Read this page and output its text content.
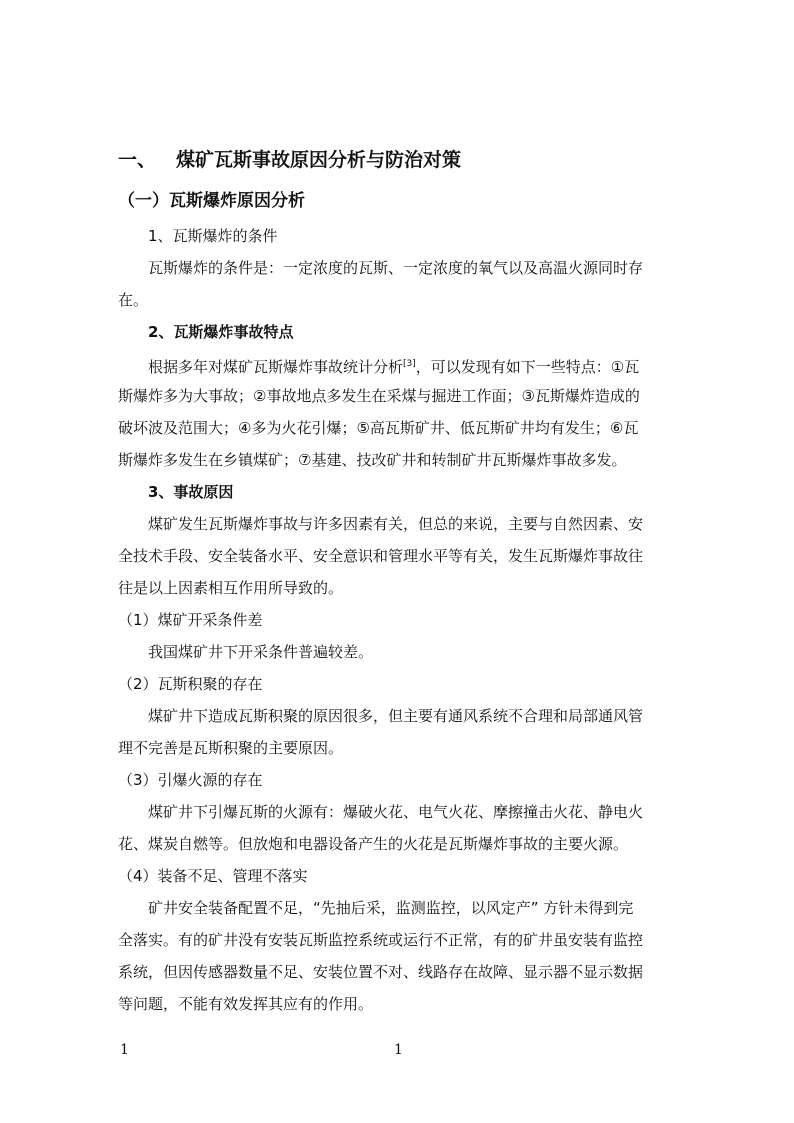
一、 煤矿瓦斯事故原因分析与防治对策
（一）瓦斯爆炸原因分析
1、瓦斯爆炸的条件
瓦斯爆炸的条件是：一定浓度的瓦斯、一定浓度的氧气以及高温火源同时存
在。
2、瓦斯爆炸事故特点
根据多年对煤矿瓦斯爆炸事故统计分析[3]，可以发现有如下一些特点：①瓦
斯爆炸多为大事故；②事故地点多发生在采煤与掘进工作面；③瓦斯爆炸造成的
破坏波及范围大；④多为火花引爆；⑤高瓦斯矿井、低瓦斯矿井均有发生；⑥瓦
斯爆炸多发生在乡镇煤矿；⑦基建、技改矿井和转制矿井瓦斯爆炸事故多发。
3、事故原因
煤矿发生瓦斯爆炸事故与许多因素有关，但总的来说，主要与自然因素、安
全技术手段、安全装备水平、安全意识和管理水平等有关，发生瓦斯爆炸事故往
往是以上因素相互作用所导致的。
（1）煤矿开采条件差
我国煤矿井下开采条件普遍较差。
（2）瓦斯积聚的存在
煤矿井下造成瓦斯积聚的原因很多，但主要有通风系统不合理和局部通风管
理不完善是瓦斯积聚的主要原因。
（3）引爆火源的存在
煤矿井下引爆瓦斯的火源有：爆破火花、电气火花、摩擦撞击火花、静电火
花、煤炭自燃等。但放炮和电器设备产生的火花是瓦斯爆炸事故的主要火源。
（4）装备不足、管理不落实
矿井安全装备配置不足，“先抽后采，监测监控，以风定产” 方针未得到完
全落实。有的矿井没有安装瓦斯监控系统或运行不正常，有的矿井虽安装有监控
系统，但因传感器数量不足、安装位置不对、线路存在故障、显示器不显示数据
等问题，不能有效发挥其应有的作用。
1	1
